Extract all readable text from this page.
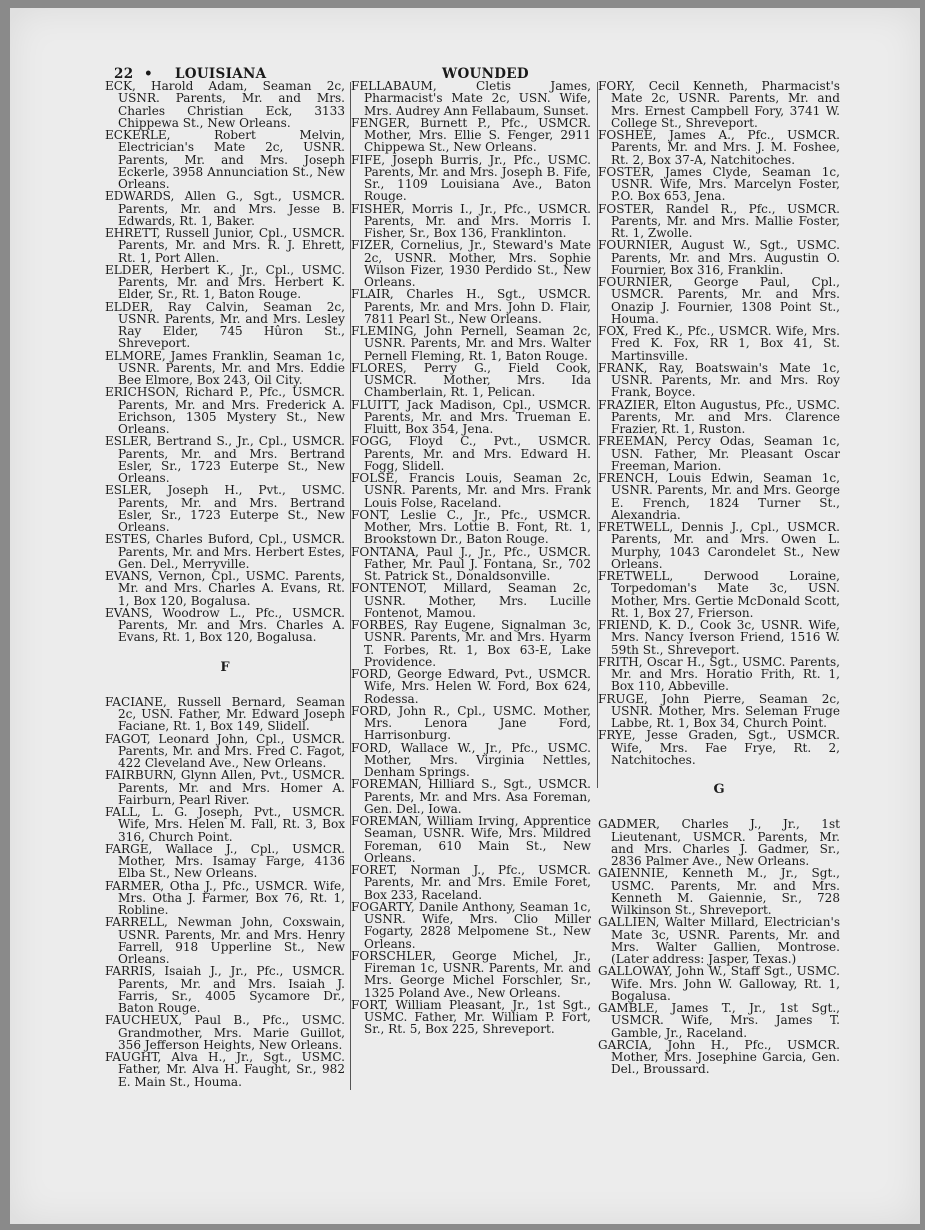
22 • LOUISIANA	WOUNDED

ECK, Harold Adam, Seaman 2c, USNR. Parents, Mr. and Mrs. Charles Christian Eck, 3133 Chippewa St., New Orleans.

ECKERLE, Robert Melvin, Electrician's Mate 2c, USNR. Parents, Mr. and Mrs. Joseph Eckerle, 3958 Annunciation St., New Orleans.

EDWARDS, Allen G., Sgt., USMCR. Parents, Mr. and Mrs. Jesse B. Edwards, Rt. 1, Baker.

EHRETT, Russell Junior, Cpl., USMCR. Parents, Mr. and Mrs. R. J. Ehrett, Rt. 1, Port Allen.

ELDER, Herbert K., Jr., Cpl., USMC. Parents, Mr. and Mrs. Herbert K. Elder, Sr., Rt. 1, Baton Rouge.

ELDER, Ray Calvin, Seaman 2c, USNR. Parents, Mr. and Mrs. Lesley Ray Elder, 745 Hûron St., Shreveport.

ELMORE, James Franklin, Seaman 1c, USNR. Parents, Mr. and Mrs. Eddie Bee Elmore, Box 243, Oil City.

ERICHSON, Richard P., Pfc., USMCR. Parents, Mr. and Mrs. Frederick A. Erichson, 1305 Mystery St., New Orleans.

ESLER, Bertrand S., Jr., Cpl., USMCR. Parents, Mr. and Mrs. Bertrand Esler, Sr., 1723 Euterpe St., New Orleans.

ESLER, Joseph H., Pvt., USMC. Parents, Mr. and Mrs. Bertrand Esler, Sr., 1723 Euterpe St., New Orleans.

ESTES, Charles Buford, Cpl., USMCR. Parents, Mr. and Mrs. Herbert Estes, Gen. Del., Merryville.

EVANS, Vernon, Cpl., USMC. Parents, Mr. and Mrs. Charles A. Evans, Rt. 1, Box 120, Bogalusa.

EVANS, Woodrow L., Pfc., USMCR. Parents, Mr. and Mrs. Charles A. Evans, Rt. 1, Box 120, Bogalusa.

F

FACIANE, Russell Bernard, Seaman 2c, USN. Father, Mr. Edward Joseph Faciane, Rt. 1, Box 149, Slidell.

FAGOT, Leonard John, Cpl., USMCR. Parents, Mr. and Mrs. Fred C. Fagot, 422 Cleveland Ave., New Orleans.

FAIRBURN, Glynn Allen, Pvt., USMCR. Parents, Mr. and Mrs. Homer A. Fairburn, Pearl River.

FALL, L. G. Joseph, Pvt., USMCR. Wife, Mrs. Helen M. Fall, Rt. 3, Box 316, Church Point.

FARGE, Wallace J., Cpl., USMCR. Mother, Mrs. Isamay Farge, 4136 Elba St., New Orleans.

FARMER, Otha J., Pfc., USMCR. Wife, Mrs. Otha J. Farmer, Box 76, Rt. 1, Robline.

FARRELL, Newman John, Coxswain, USNR. Parents, Mr. and Mrs. Henry Farrell, 918 Upperline St., New Orleans.

FARRIS, Isaiah J., Jr., Pfc., USMCR. Parents, Mr. and Mrs. Isaiah J. Farris, Sr., 4005 Sycamore Dr., Baton Rouge.

FAUCHEUX, Paul B., Pfc., USMC. Grandmother, Mrs. Marie Guillot, 356 Jefferson Heights, New Orleans.

FAUGHT, Alva H., Jr., Sgt., USMC. Father, Mr. Alva H. Faught, Sr., 982 E. Main St., Houma.

FELLABAUM, Cletis James, Pharmacist's Mate 2c, USN. Wife, Mrs. Audrey Ann Fellabaum, Sunset.

FENGER, Burnett P., Pfc., USMCR. Mother, Mrs. Ellie S. Fenger, 2911 Chippewa St., New Orleans.

FIFE, Joseph Burris, Jr., Pfc., USMC. Parents, Mr. and Mrs. Joseph B. Fife, Sr., 1109 Louisiana Ave., Baton Rouge.

FISHER, Morris I., Jr., Pfc., USMCR. Parents, Mr. and Mrs. Morris I. Fisher, Sr., Box 136, Franklinton.

FIZER, Cornelius, Jr., Steward's Mate 2c, USNR. Mother, Mrs. Sophie Wilson Fizer, 1930 Perdido St., New Orleans.

FLAIR, Charles H., Sgt., USMCR. Parents, Mr. and Mrs. John D. Flair, 7811 Pearl St., New Orleans.

FLEMING, John Pernell, Seaman 2c, USNR. Parents, Mr. and Mrs. Walter Pernell Fleming, Rt. 1, Baton Rouge.

FLORES, Perry G., Field Cook, USMCR. Mother, Mrs. Ida Chamberlain, Rt. 1, Pelican.

FLUITT, Jack Madison, Cpl., USMCR. Parents, Mr. and Mrs. Trueman E. Fluitt, Box 354, Jena.

FOGG, Floyd C., Pvt., USMCR. Parents, Mr. and Mrs. Edward H. Fogg, Slidell.

FOLSE, Francis Louis, Seaman 2c, USNR. Parents, Mr. and Mrs. Frank Louis Folse, Raceland.

FONT, Leslie C., Jr., Pfc., USMCR. Mother, Mrs. Lottie B. Font, Rt. 1, Brookstown Dr., Baton Rouge.

FONTANA, Paul J., Jr., Pfc., USMCR. Father, Mr. Paul J. Fontana, Sr., 702 St. Patrick St., Donaldsonville.

FONTENOT, Millard, Seaman 2c, USNR. Mother, Mrs. Lucille Fontenot, Mamou.

FORBES, Ray Eugene, Signalman 3c, USNR. Parents, Mr. and Mrs. Hyarm T. Forbes, Rt. 1, Box 63-E, Lake Providence.

FORD, George Edward, Pvt., USMCR. Wife, Mrs. Helen W. Ford, Box 624, Rodessa.

FORD, John R., Cpl., USMC. Mother, Mrs. Lenora Jane Ford, Harrisonburg.

FORD, Wallace W., Jr., Pfc., USMC. Mother, Mrs. Virginia Nettles, Denham Springs.

FOREMAN, Hilliard S., Sgt., USMCR. Parents, Mr. and Mrs. Asa Foreman, Gen. Del., Iowa.

FOREMAN, William Irving, Apprentice Seaman, USNR. Wife, Mrs. Mildred Foreman, 610 Main St., New Orleans.

FORET, Norman J., Pfc., USMCR. Parents, Mr. and Mrs. Emile Foret, Box 233, Raceland.

FOGARTY, Danile Anthony, Seaman 1c, USNR. Wife, Mrs. Clio Miller Fogarty, 2828 Melpomene St., New Orleans.

FORSCHLER, George Michel, Jr., Fireman 1c, USNR. Parents, Mr. and Mrs. George Michel Forschler, Sr., 1325 Poland Ave., New Orleans.

FORT, William Pleasant, Jr., 1st Sgt., USMC. Father, Mr. William P. Fort, Sr., Rt. 5, Box 225, Shreveport.

FORY, Cecil Kenneth, Pharmacist's Mate 2c, USNR. Parents, Mr. and Mrs. Ernest Campbell Fory, 3741 W. College St., Shreveport.

FOSHEE, James A., Pfc., USMCR. Parents, Mr. and Mrs. J. M. Foshee, Rt. 2, Box 37-A, Natchitoches.

FOSTER, James Clyde, Seaman 1c, USNR. Wife, Mrs. Marcelyn Foster, P.O. Box 653, Jena.

FOSTER, Randel R., Pfc., USMCR. Parents, Mr. and Mrs. Mallie Foster, Rt. 1, Zwolle.

FOURNIER, August W., Sgt., USMC. Parents, Mr. and Mrs. Augustin O. Fournier, Box 316, Franklin.

FOURNIER, George Paul, Cpl., USMCR. Parents, Mr. and Mrs. Onazip J. Fournier, 1308 Point St., Houma.

FOX, Fred K., Pfc., USMCR. Wife, Mrs. Fred K. Fox, RR 1, Box 41, St. Martinsville.

FRANK, Ray, Boatswain's Mate 1c, USNR. Parents, Mr. and Mrs. Roy Frank, Boyce.

FRAZIER, Elton Augustus, Pfc., USMC. Parents, Mr. and Mrs. Clarence Frazier, Rt. 1, Ruston.

FREEMAN, Percy Odas, Seaman 1c, USN. Father, Mr. Pleasant Oscar Freeman, Marion.

FRENCH, Louis Edwin, Seaman 1c, USNR. Parents, Mr. and Mrs. George E. French, 1824 Turner St., Alexandria.

FRETWELL, Dennis J., Cpl., USMCR. Parents, Mr. and Mrs. Owen L. Murphy, 1043 Carondelet St., New Orleans.

FRETWELL, Derwood Loraine, Torpedoman's Mate 3c, USN. Mother, Mrs. Gertie McDonald Scott, Rt. 1, Box 27, Frierson.

FRIEND, K. D., Cook 3c, USNR. Wife, Mrs. Nancy Iverson Friend, 1516 W. 59th St., Shreveport.

FRITH, Oscar H., Sgt., USMC. Parents, Mr. and Mrs. Horatio Frith, Rt. 1, Box 110, Abbeville.

FRUGE, John Pierre, Seaman 2c, USNR. Mother, Mrs. Seleman Fruge Labbe, Rt. 1, Box 34, Church Point.

FRYE, Jesse Graden, Sgt., USMCR. Wife, Mrs. Fae Frye, Rt. 2, Natchitoches.

G

GADMER, Charles J., Jr., 1st Lieutenant, USMCR. Parents, Mr. and Mrs. Charles J. Gadmer, Sr., 2836 Palmer Ave., New Orleans.

GAIENNIE, Kenneth M., Jr., Sgt., USMC. Parents, Mr. and Mrs. Kenneth M. Gaiennie, Sr., 728 Wilkinson St., Shreveport.

GALLIEN, Walter Millard, Electrician's Mate 3c, USNR. Parents, Mr. and Mrs. Walter Gallien, Montrose. (Later address: Jasper, Texas.)

GALLOWAY, John W., Staff Sgt., USMC. Wife. Mrs. John W. Galloway, Rt. 1, Bogalusa.

GAMBLE, James T., Jr., 1st Sgt., USMCR. Wife, Mrs. James T. Gamble, Jr., Raceland.

GARCIA, John H., Pfc., USMCR. Mother, Mrs. Josephine Garcia, Gen. Del., Broussard.
